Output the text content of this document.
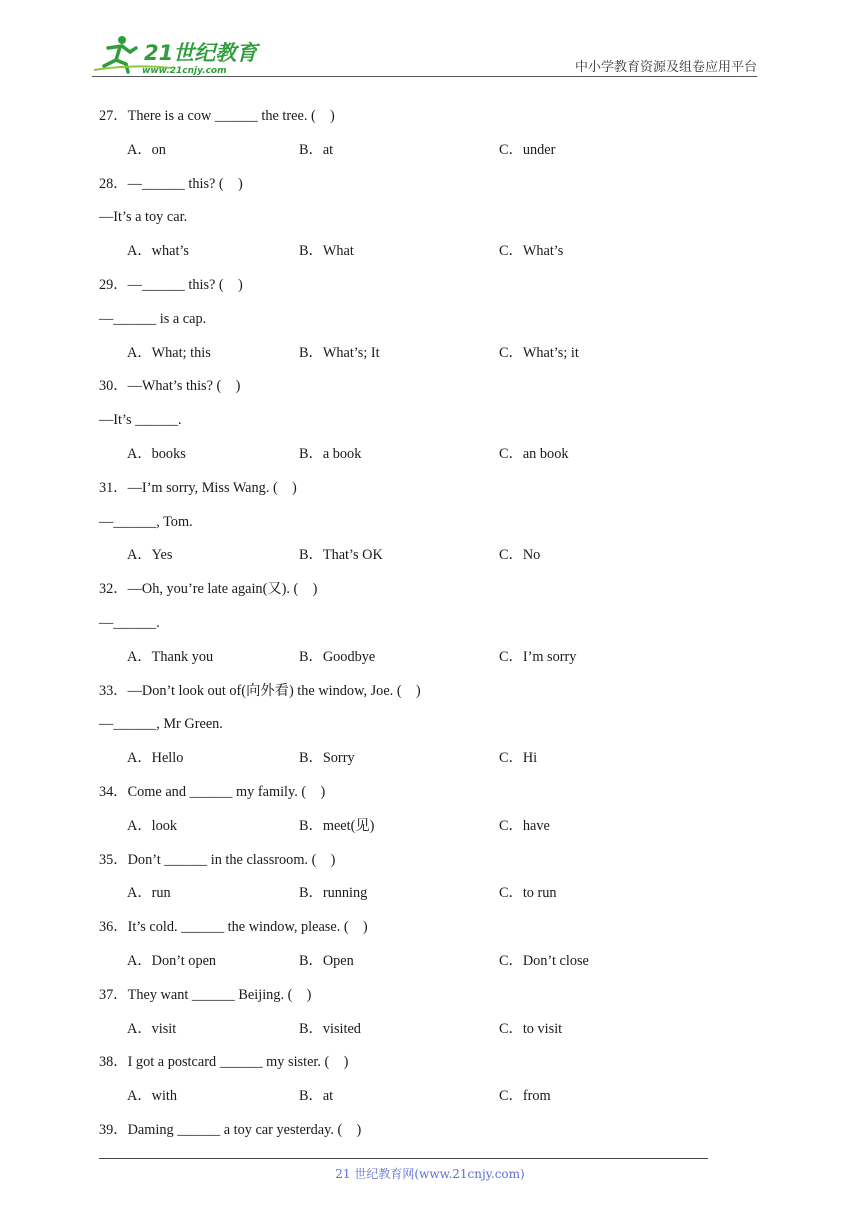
21世纪教育
www.21cnjy.com	中小学教育资源及组卷应用平台
27．There is a cow ______ the tree. (    )
A．on	B．at	C．under
28．—______ this? (    )
—It’s a toy car.
A．what’s	B．What	C．What’s
29．—______ this? (    )
—______ is a cap.
A．What; this	B．What’s; It	C．What’s; it
30．—What’s this? (    )
—It’s ______.
A．books	B．a book	C．an book
31．—I’m sorry, Miss Wang. (    )
—______, Tom.
A．Yes	B．That’s OK	C．No
32．—Oh, you’re late again(又). (    )
—______.
A．Thank you	B．Goodbye	C．I’m sorry
33．—Don’t look out of(向外看) the window, Joe. (    )
—______, Mr Green.
A．Hello	B．Sorry	C．Hi
34．Come and ______ my family. (    )
A．look	B．meet(见)	C．have
35．Don’t ______ in the classroom. (    )
A．run	B．running	C．to run
36．It’s cold. ______ the window, please. (    )
A．Don’t open	B．Open	C．Don’t close
37．They want ______ Beijing. (    )
A．visit	B．visited	C．to visit
38．I got a postcard ______ my sister. (    )
A．with	B．at	C．from
39．Daming ______ a toy car yesterday. (    )
21 世纪教育网(www.21cnjy.com)
